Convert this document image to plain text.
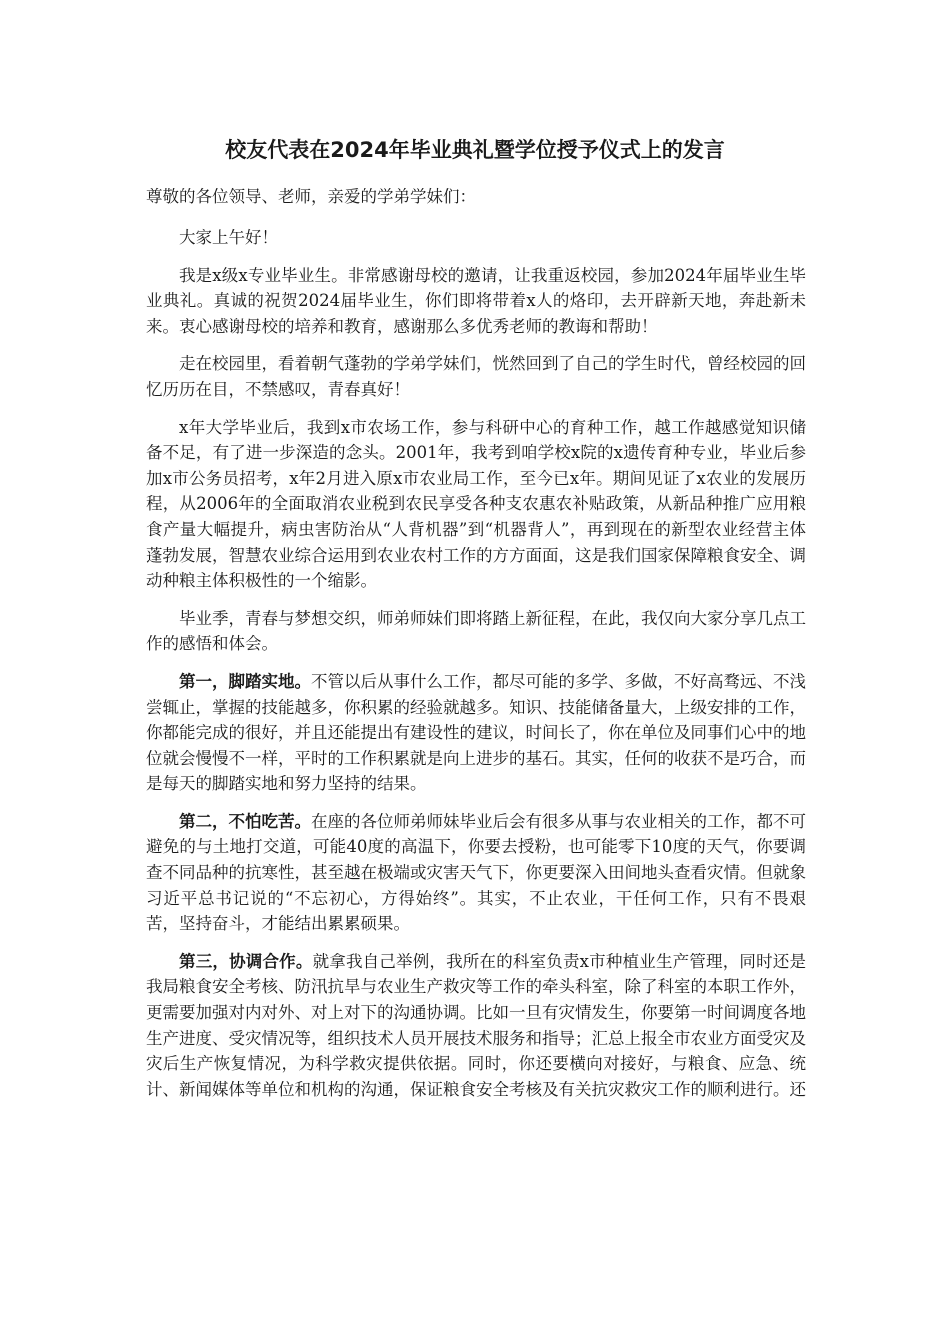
校友代表在2024年毕业典礼暨学位授予仪式上的发言
尊敬的各位领导、老师，亲爱的学弟学妹们：

大家上午好！

我是x级x专业毕业生。非常感谢母校的邀请，让我重返校园，参加2024年届毕业生毕业典礼。真诚的祝贺2024届毕业生，你们即将带着x人的烙印，去开辟新天地，奔赴新未来。衷心感谢母校的培养和教育，感谢那么多优秀老师的教诲和帮助！

走在校园里，看着朝气蓬勃的学弟学妹们，恍然回到了自己的学生时代，曾经校园的回忆历历在目，不禁感叹，青春真好！

x年大学毕业后，我到x市农场工作，参与科研中心的育种工作，越工作越感觉知识储备不足，有了进一步深造的念头。2001年，我考到咱学校x院的x遗传育种专业，毕业后参加x市公务员招考，x年2月进入原x市农业局工作，至今已x年。期间见证了x农业的发展历程，从2006年的全面取消农业税到农民享受各种支农惠农补贴政策，从新品种推广应用粮食产量大幅提升，病虫害防治从“人背机器”到“机器背人”，再到现在的新型农业经营主体蓬勃发展，智慧农业综合运用到农业农村工作的方方面面，这是我们国家保障粮食安全、调动种粮主体积极性的一个缩影。

毕业季，青春与梦想交织，师弟师妹们即将踏上新征程，在此，我仅向大家分享几点工作的感悟和体会。

第一，脚踏实地。不管以后从事什么工作，都尽可能的多学、多做，不好高骛远、不浅尝辄止，掌握的技能越多，你积累的经验就越多。知识、技能储备量大，上级安排的工作，你都能完成的很好，并且还能提出有建设性的建议，时间长了，你在单位及同事们心中的地位就会慢慢不一样，平时的工作积累就是向上进步的基石。其实，任何的收获不是巧合，而是每天的脚踏实地和努力坚持的结果。

第二，不怕吃苦。在座的各位师弟师妹毕业后会有很多从事与农业相关的工作，都不可避免的与土地打交道，可能40度的高温下，你要去授粉，也可能零下10度的天气，你要调查不同品种的抗寒性，甚至越在极端或灾害天气下，你更要深入田间地头查看灾情。但就象习近平总书记说的“不忘初心，方得始终”。其实，不止农业，干任何工作，只有不畏艰苦，坚持奋斗，才能结出累累硕果。

第三，协调合作。就拿我自己举例，我所在的科室负责x市种植业生产管理，同时还是我局粮食安全考核、防汛抗旱与农业生产救灾等工作的牵头科室，除了科室的本职工作外，更需要加强对内对外、对上对下的沟通协调。比如一旦有灾情发生，你要第一时间调度各地生产进度、受灾情况等，组织技术人员开展技术服务和指导；汇总上报全市农业方面受灾及灾后生产恢复情况，为科学救灾提供依据。同时，你还要横向对接好，与粮食、应急、统计、新闻媒体等单位和机构的沟通，保证粮食安全考核及有关抗灾救灾工作的顺利进行。还
